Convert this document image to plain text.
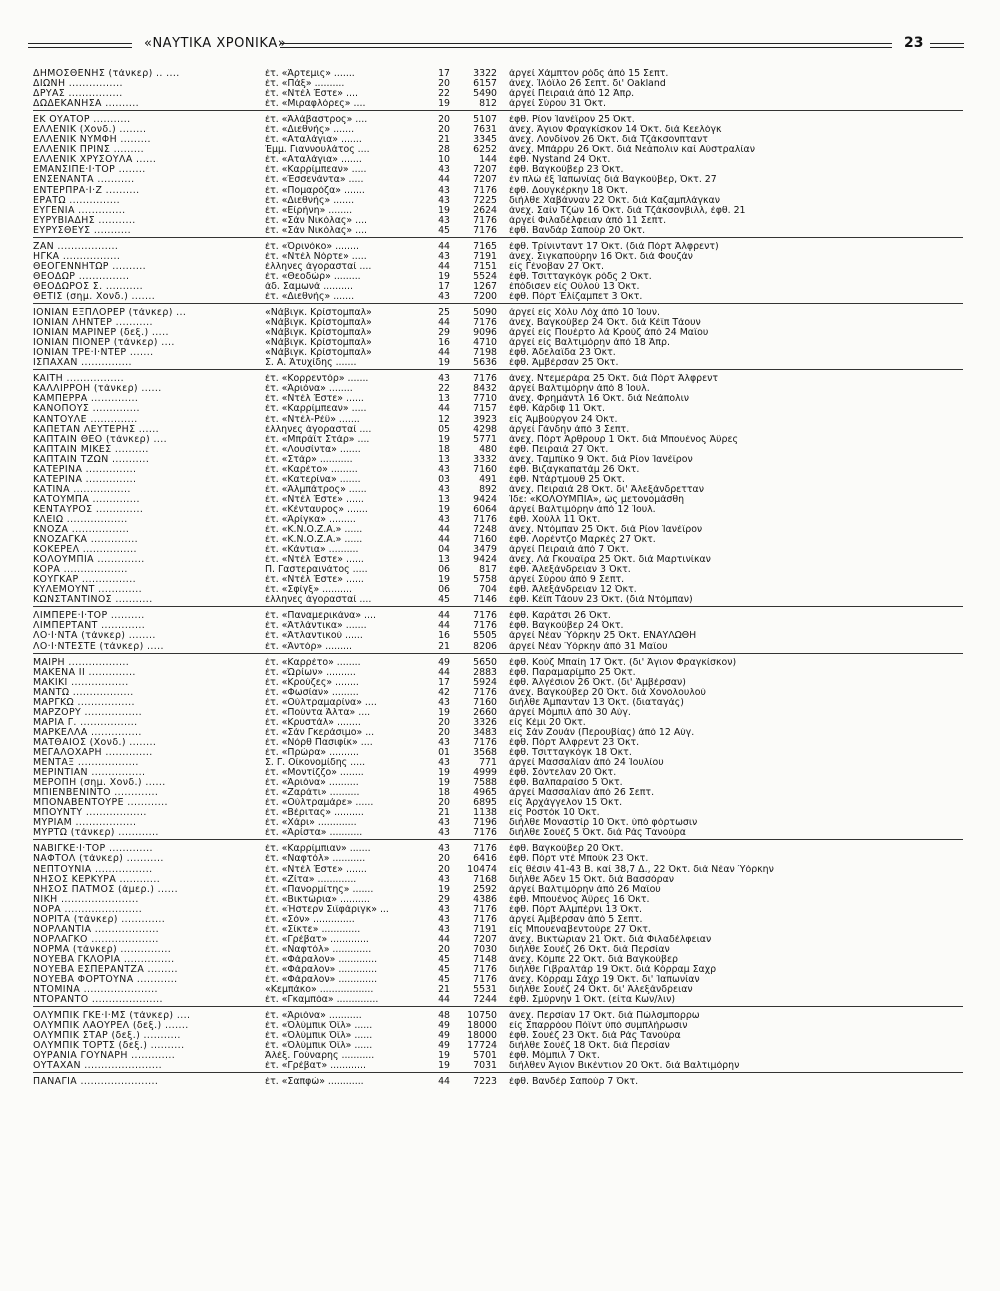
«ΝΑΥΤΙΚΑ ΧΡΟΝΙΚΑ»	23
ΔΗΜΟΣΘΕΝΗΣ (τάνκερ) .. ....	έτ. «Άρτεμις» .......	17	3322 άργεί Χάμπτον ρόδς άπό 15 Σεπτ.
ΔΙΩΝΗ ................	έτ. «Πάξ» ..........	20	6157 άνεχ. Ίλόϊλο 26 Σεπτ. δι' Oakland
ΔΡΥΑΣ ................	έτ. «Ντέλ Έστε» ....	22	5490 άργεί Πειραιά άπό 12 Άπρ.
ΔΩΔΕΚΑΝΗΣΑ ..........	έτ. «Μιραφλόρες» ....	19	812 άργεί Σύρου 31 Όκτ.
ΕΚ ΟΥΑΤΟΡ ...........	έτ. «Άλάβαστρος» ....	20	5107 έφθ. Ρίον Ίανέϊρον 25 Όκτ.
ΕΛΛΕΝΙΚ (Χονδ.) ........	έτ. «Διεθνής» .......	20	7631 άνεχ. Άγιον Φραγκίσκον 14 Όκτ. διά Κεελόγκ
ΕΛΛΕΝΙΚ ΝΥΜΦΗ .........	έτ. «Αταλάγια» .......	21	3345 άνεχ. Λονδίνον 26 Όκτ. διά Τζάκσονπταντ
ΕΛΛΕΝΙΚ ΠΡΙΝΣ .........	Έμμ. Γιαννουλάτος ....	28	6252 άνεχ. Μπάρρυ 26 Όκτ. διά Νεάπολιν καί Αύστραλίαν
ΕΛΛΕΝΙΚ ΧΡΥΣΟΥΛΑ ......	έτ. «Αταλάγια» .......	10	144 έφθ. Nystand 24 Όκτ.
ΕΜΑΝΣΙΠΕ·Ι·ΤΟΡ ........	έτ. «Καρρίμπεαν» .....	43	7207 έφθ. Βαγκούβερ 23 Όκτ.
ΕΝΣΕΝΑΝΤΑ ...........	έτ. «Έσσενάντα» .....	44	7207 έν πλώ έξ Ίαπωνίας διά Βαγκούβερ, Όκτ. 27
ΕΝΤΕΡΠΡΑ·Ι·Ζ ..........	έτ. «Πομαρόζα» .......	43	7176 έφθ. Δουγκέρκην 18 Όκτ.
ΕΡΑΤΩ ...............	έτ. «Διεθνής» .......	43	7225 διήλθε Χαβάνναν 22 Όκτ. διά Καζαμπλάγκαν
ΕΥΓΕΝΙΑ ..............	έτ. «Είρήνη» ........	19	2624 άνεχ. Σαίν Τζών 16 Όκτ. διά Τζάκσονβιλλ, έφθ. 21
ΕΥΡΥΒΙΑΔΗΣ ...........	έτ. «Σάν Νικόλας» ....	43	7176 άργεί Φιλαδέλφειαν άπό 11 Σεπτ.
ΕΥΡΥΣΘΕΥΣ ...........	έτ. «Σάν Νικόλας» ....	45	7176 έφθ. Βανδάρ Σαπούρ 20 Όκτ.
ΖΑΝ ..................	έτ. «Όρινόκο» ........	44	7165 έφθ. Τρίνινταντ 17 Όκτ. (διά Πόρτ Άλφρεντ)
ΗΓΚΑ .................	έτ. «Ντέλ Νόρτε» .....	43	7191 άνεχ. Σιγκαπούρην 16 Όκτ. διά Φουζάν
ΘΕΟΓΕΝΝΗΤΩΡ ..........	έλληνες άγορασταί ....	44	7151 είς Γένοβαν 27 Όκτ.
ΘΕΟΔΩΡ ...............	έτ. «Θεοδώρ» .........	19	5524 έφθ. Τσιτταγκόγκ ρόδς 2 Όκτ.
ΘΕΟΔΩΡΟΣ Σ. ...........	άδ. Σαμωνά ..........	17	1267 έπόδισεν είς Ούλού 13 Όκτ.
ΘΕΤΙΣ (σημ. Χονδ.) .......	έτ. «Διεθνής» .......	43	7200 έφθ. Πόρτ Έλίζαμπετ 3 Όκτ.
ΙΟΝΙΑΝ ΕΞΠΛΟΡΕΡ (τάνκερ) ...	«Νάβιγκ. Κρίστομπαλ»	25	5090 άργεί είς Χόλυ Λόχ άπό 10 Ίουν.
ΙΟΝΙΑΝ ΛΗΝΤΕΡ ...........	«Νάβιγκ. Κρίστομπαλ»	44	7176 άνεχ. Βαγκούβερ 24 Όκτ. διά Κέϊπ Τάουν
ΙΟΝΙΑΝ ΜΑΡΙΝΕΡ (δεξ.) .....	«Νάβιγκ. Κρίστομπαλ»	29	9096 άργεί είς Πουέρτο λά Κρούζ άπό 24 Μαΐου
ΙΟΝΙΑΝ ΠΙΟΝΕΡ (τάνκερ) ....	«Νάβιγκ. Κρίστομπαλ»	16	4710 άργεί είς Βαλτιμόρην άπό 18 Άπρ.
ΙΟΝΙΑΝ ΤΡΕ·Ι·ΝΤΕΡ .......	«Νάβιγκ. Κρίστομπαλ»	44	7198 έφθ. Άδελαϊδα 23 Όκτ.
ΙΣΠΑΧΑΝ ...............	Σ. Α. Άτυχίδης .......	19	5636 έφθ. Άμβέρσαν 25 Όκτ.
ΚΑΙΤΗ .................	έτ. «Κορρεντόρ» .......	43	7176 άνεχ. Ντεμεράρα 25 Όκτ. διά Πόρτ Άλφρεντ
ΚΑΛΛΙΡΡΟΗ (τάνκερ) ......	έτ. «Άριόνα» ........	22	8432 άργεί Βαλτιμόρην άπό 8 Ίουλ.
ΚΑΜΠΕΡΡΑ ..............	έτ. «Ντέλ Έστε» ......	13	7710 άνεχ. Φρημάντλ 16 Όκτ. διά Νεάπολιν
ΚΑΝΟΠΟΥΣ ..............	έτ. «Καρρίμπεαν» .....	44	7157 έφθ. Κάρδιφ 11 Όκτ.
ΚΑΝΤΟΥΛΕ ..............	έτ. «Ντέλ-Ρέϋ» .......	12	3923 είς Άμβούργον 24 Όκτ.
ΚΑΠΕΤΑΝ ΛΕΥΤΕΡΗΣ ......	έλληνες άγορασταί ....	05	4298 άργεί Γάνδην άπό 3 Σεπτ.
ΚΑΠΤΑΙΝ ΘΕΟ (τάνκερ) ....	έτ. «Μπράϊτ Στάρ» ....	19	5771 άνεχ. Πόρτ Άρθρουρ 1 Όκτ. διά Μπουένος Άϋρες
ΚΑΠΤΑΙΝ ΜΙΚΕΣ ..........	έτ. «Λουσίντα» .......	18	480 έφθ. Πειραιά 27 Όκτ.
ΚΑΠΤΑΙΝ ΤΖΩΝ ...........	έτ. «Στάρ» ...........	13	3332 άνεχ. Ταμπίκο 9 Όκτ. διά Ρίον Ίανέϊρον
ΚΑΤΕΡΙΝΑ ...............	έτ. «Καρέτο» .........	43	7160 έφθ. Βιζαγκαπατάμ 26 Όκτ.
ΚΑΤΕΡΙΝΑ ...............	έτ. «Κατερίνα» .......	03	491 έφθ. Ντάρτμουθ 25 Όκτ.
ΚΑΤΙΝΑ .................	έτ. «Άλμπάτρος» ......	43	892 άνεχ. Πειραιά 28 Όκτ. δι' Άλεξάνδρετταν
ΚΑΤΟΥΜΠΑ ..............	έτ. «Ντέλ Έστε» ......	13	9424 Ίδε: «ΚΟΛΟΥΜΠΙΑ», ώς μετονομάσθη
ΚΕΝΤΑΥΡΟΣ ..............	έτ. «Κένταυρος» .......	19	6064 άργεί Βαλτιμόρην άπό 12 Ίουλ.
ΚΛΕΙΩ ..................	έτ. «Άρίγκα» .........	43	7176 έφθ. Χούλλ 11 Όκτ.
ΚΝΟΖΑ .................	έτ. «Κ.Ν.Ο.Ζ.Α.» ......	44	7248 άνεχ. Ντόμπαν 25 Όκτ. διά Ρίον Ίανέϊρον
ΚΝΟΖΑΓΚΑ ..............	έτ. «Κ.Ν.Ο.Ζ.Α.» ......	44	7160 έφθ. Λορέντζο Μαρκές 27 Όκτ.
ΚΟΚΕΡΕΛ ................	έτ. «Κάντια» ..........	04	3479 άργεί Πειραιά άπό 7 Όκτ.
ΚΟΛΟΥΜΠΙΑ ..............	έτ. «Ντέλ Έστε» ......	13	9424 άνεχ. Λά Γκουαϊρα 25 Όκτ. διά Μαρτινίκαν
ΚΟΡΑ ...................	Π. Γαστεραινάτος .....	06	817 έφθ. Άλεξάνδρειαν 3 Όκτ.
ΚΟΥΓΚΑΡ ................	έτ. «Ντέλ Έστε» ......	19	5758 άργεί Σύρου άπό 9 Σεπτ.
ΚΥΛΕΜΟΥΝΤ .............	έτ. «Σφίγξ» ..........	06	704 έφθ. Άλεξάνδρειαν 12 Όκτ.
ΚΩΝΣΤΑΝΤΙΝΟΣ ...........	έλληνες άγορασταί ....	45	7146 έφθ. Κέϊπ Τάουν 23 Όκτ. (διά Ντόμπαν)
ΛΙΜΠΕΡΕ·Ι·ΤΟΡ ..........	έτ. «Παναμερικάνα» ....	44	7176 έφθ. Καράτσι 26 Όκτ.
ΛΙΜΠΕΡΤΑΝΤ .............	έτ. «Άτλάντικα» .......	44	7176 έφθ. Βαγκούβερ 24 Όκτ.
ΛΟ·Ι·ΝΤΑ (τάνκερ) ........	έτ. «Άτλαντικού ......	16	5505 άργεί Νέαν Ύόρκην 25 Όκτ. ΕΝΑΥΛΩΘΗ
ΛΟ·Ι·ΝΤΕΣΤΕ (τάνκερ) .....	έτ. «Άντόρ» .........	21	8206 άργεί Νέαν Ύόρκην άπό 31 Μαΐου
ΜΑΙΡΗ ..................	έτ. «Καρρέτο» ........	49	5650 έφθ. Κούζ Μπαίη 17 Όκτ. (δι' Άγιον Φραγκίσκον)
ΜΑΚΕΝΑ ΙΙ ..............	έτ. «Ώρίων» ..........	44	2883 έφθ. Παραμαρίμπο 25 Όκτ.
ΜΑΚΙΚΙ .................	έτ. «Κρούζες» ........	17	5924 έφθ. Άλγέσιον 26 Όκτ. (δι' Άμβέρσαν)
ΜΑΝΤΩ ..................	έτ. «Φωσίαν» .........	42	7176 άνεχ. Βαγκούβερ 20 Όκτ. διά Χονολουλού
ΜΑΡΓΚΩ .................	έτ. «Ούλτραμαρίνα» ....	43	7160 διήλθε Άμπανταν 13 Όκτ. (διαταγάς)
ΜΑΡΖΟΡΥ .................	έτ. «Πούντα Άλτα» ....	19	2660 άργεί Μόμπιλ άπό 30 Αύγ.
ΜΑΡΙΑ Γ. .................	έτ. «Κρυστάλ» ........	20	3326 είς Κέμι 20 Όκτ.
ΜΑΡΚΕΛΛΑ ...............	έτ. «Σάν Γκεράσιμο» ...	20	3483 είς Σάν Ζουάν (Περουβίας) άπό 12 Αύγ.
ΜΑΤΘΑΙΟΣ (Χονδ.) ........	έτ. «Νόρθ Πασιφίκ» ....	43	7176 έφθ. Πόρτ Άλφρεντ 23 Όκτ.
ΜΕΓΑΛΟΧΑΡΗ ..............	έτ. «Πρώρα» ..........	01	3568 έφθ. Τσιτταγκόγκ 18 Όκτ.
ΜΕΝΤΑΞ ..................	Σ. Γ. Οίκονομίδης .....	43	771 άργεί Μασσαλίαν άπό 24 Ίουλίου
ΜΕΡΙΝΤΙΑΝ ................	έτ. «Μοντίζζο» ........	19	4999 έφθ. Σόντελαν 20 Όκτ.
ΜΕΡΟΠΗ (σημ. Χονδ.) ......	έτ. «Άριόνα» ..........	19	7588 έφθ. Βαλπαραίσο 5 Όκτ.
ΜΠΙΕΝΒΕΝΙΝΤΟ .............	έτ. «Ζαράτι» ..........	18	4965 άργεί Μασσαλίαν άπό 26 Σεπτ.
ΜΠΟΝΑΒΕΝΤΟΥΡΕ ............	έτ. «Ούλτραμάρε» ......	20	6895 είς Άρχάγγελον 15 Όκτ.
ΜΠΟΥΝΤΥ ..................	έτ. «Βέριτας» ..........	21	1138 είς Ροστόκ 10 Όκτ.
ΜΥΡΙΑΜ ..................	έτ. «Χάρι» .............	43	7196 διήλθε Μοναστίρ 10 Όκτ. ύπό φόρτωσιν
ΜΥΡΤΩ (τάνκερ) ............	έτ. «Άρίστα» ...........	43	7176 διήλθε Σουέζ 5 Όκτ. διά Ράς Τανούρα
ΝΑΒΙΓΚΕ·Ι·ΤΟΡ .............	έτ. «Καρρίμπιαν» .......	43	7176 έφθ. Βαγκούβερ 20 Όκτ.
ΝΑΦΤΟΛ (τάνκερ) ...........	έτ. «Ναφτόλ» ...........	20	6416 έφθ. Πόρτ ντέ Μπούκ 23 Όκτ.
ΝΕΠΤΟΥΝΙΑ .................	έτ. «Ντέλ Έστε» .......	20	10474 είς θέσιν 41-43 Β. καί 38,7 Δ., 22 Όκτ. διά Νέαν Ύόρκην
ΝΗΣΟΣ ΚΕΡΚΥΡΑ ............	έτ. «Ζίτα» .............	43	7168 διήλθε Άδεν 15 Όκτ. διά Βασσόραν
ΝΗΣΟΣ ΠΑΤΜΟΣ (άμερ.) ......	έτ. «Πανορμίτης» .......	19	2592 άργεί Βαλτιμόρην άπό 26 Μαΐου
ΝΙΚΗ .......................	έτ. «Βικτώρια» ..........	29	4386 έφθ. Μπουένος Άϋρες 16 Όκτ.
ΝΟΡΑ .......................	έτ. «Ήστερν Σιϊφάριγκ» ...	43	7176 έφθ. Πόρτ Άλμπέρνι 13 Όκτ.
ΝΟΡΙΤΑ (τάνκερ) .............	έτ. «Σόν» ..............	43	7176 άργεί Άμβέρσαν άπό 5 Σεπτ.
ΝΟΡΛΑΝΤΙΑ ...................	έτ. «Σίκτε» .............	43	7191 είς Μπουεναβεντούρε 27 Όκτ.
ΝΟΡΛΑΓΚΟ ....................	έτ. «Γρέβατ» .............	44	7207 άνεχ. Βικτώριαν 21 Όκτ. διά Φιλαδέλφειαν
ΝΟΡΜΑ (τάνκερ) ...............	έτ. «Ναφτόλ» .............	20	7030 διήλθε Σουέζ 26 Όκτ. διά Περσίαν
ΝΟΥΕΒΑ ΓΚΛΟΡΙΑ ...............	έτ. «Φάραλον» .............	45	7148 άνεχ. Κόμπε 22 Όκτ. διά Βαγκούβερ
ΝΟΥΕΒΑ ΕΣΠΕΡΑΝΤΖΑ .........	έτ. «Φάραλον» .............	45	7176 διήλθε Γιβραλτάρ 19 Όκτ. διά Κόρραμ Σαχρ
ΝΟΥΕΒΑ ΦΟΡΤΟΥΝΑ ............	έτ. «Φάραλον» .............	45	7176 άνεχ. Κόρραμ Σάχρ 19 Όκτ. δι' Ίαπωνίαν
ΝΤΟΜΙΝΑ ......................	«Κεμπάκο» ..................	21	5531 διήλθε Σουέζ 24 Όκτ. δι' Άλεξάνδρειαν
ΝΤΟΡΑΝΤΟ .....................	έτ. «Γκαμπόα» ..............	44	7244 έφθ. Σμύρνην 1 Όκτ. (είτα Κων/λιν)
ΟΛΥΜΠΙΚ ΓΚΕ·Ι·ΜΣ (τάνκερ) ....	έτ. «Άριόνα» ...........	48	10750 άνεχ. Περσίαν 17 Όκτ. διά Πώλσμπορρω
ΟΛΥΜΠΙΚ ΛΑΟΥΡΕΛ (δεξ.) .......	έτ. «Όλύμπικ Όϊλ» ......	49	18000 είς Σπαρρόου Πόϊντ ύπό συμπλήρωσιν
ΟΛΥΜΠΙΚ ΣΤΑΡ (δεξ.) ...........	έτ. «Όλύμπικ Όϊλ» ......	49	18000 έφθ. Σουέζ 23 Όκτ. διά Ράς Τανούρα
ΟΛΥΜΠΙΚ ΤΟΡΤΣ (δεξ.) ..........	έτ. «Όλύμπικ Όϊλ» ......	49	17724 διήλθε Σουέζ 18 Όκτ. διά Περσίαν
ΟΥΡΑΝΙΑ ΓΟΥΝΑΡΗ .............	Άλέξ. Γούναρης ...........	19	5701 έφθ. Μόμπιλ 7 Όκτ.
ΟΥΤΑΧΑΝ .......................	έτ. «Γρέβατ» ............	19	7031 διήλθεν Άγιον Βικέντιον 20 Όκτ. διά Βαλτιμόρην
ΠΑΝΑΓΙΑ .......................	έτ. «Σαπφώ» ............	44	7223 έφθ. Βανδέρ Σαπούρ 7 Όκτ.
